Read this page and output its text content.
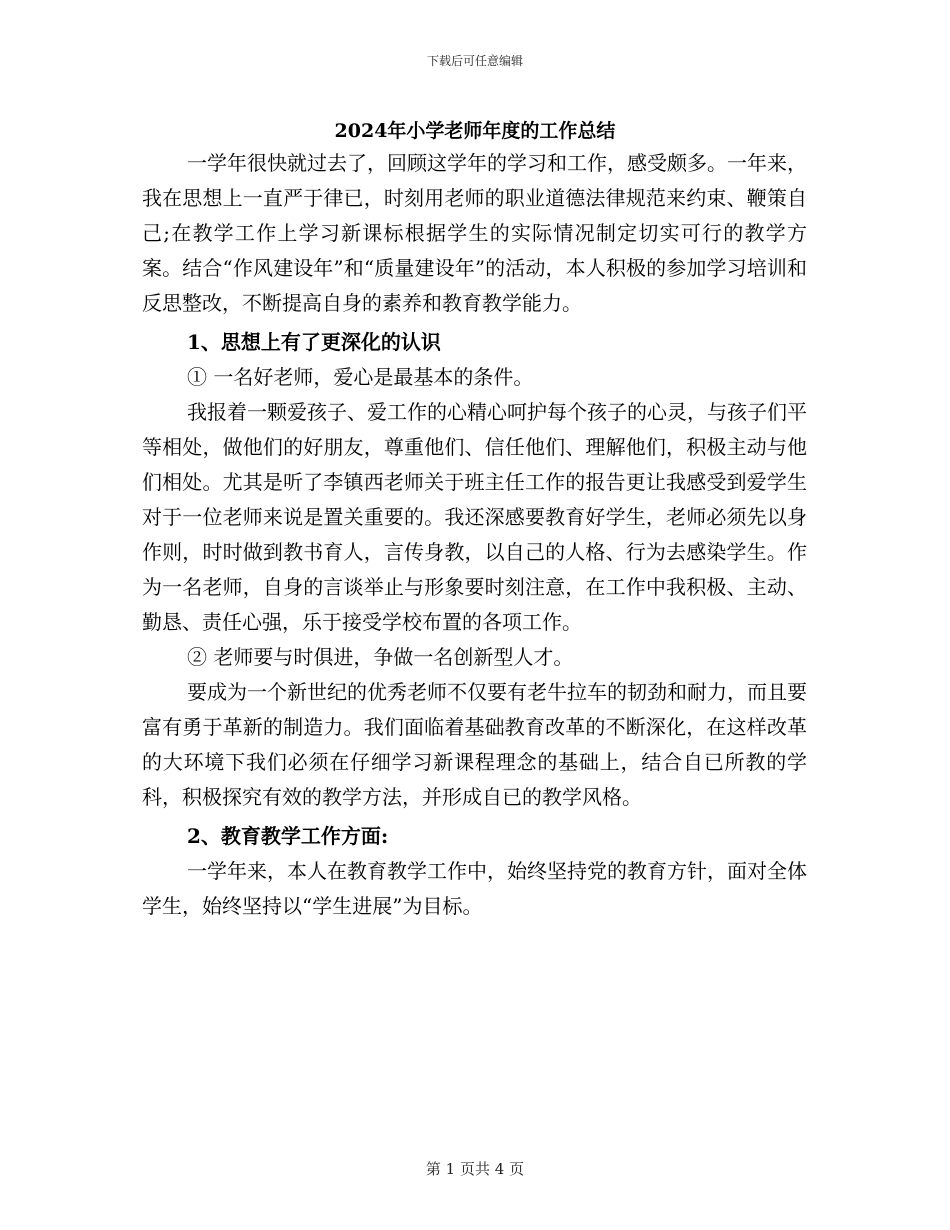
下载后可任意编辑
2024年小学老师年度的工作总结

一学年很快就过去了，回顾这学年的学习和工作，感受颇多。一年来，我在思想上一直严于律已，时刻用老师的职业道德法律规范来约束、鞭策自己;在教学工作上学习新课标根据学生的实际情况制定切实可行的教学方案。结合“作风建设年”和“质量建设年”的活动，本人积极的参加学习培训和反思整改，不断提高自身的素养和教育教学能力。

1、思想上有了更深化的认识

① 一名好老师，爱心是最基本的条件。

我报着一颗爱孩子、爱工作的心精心呵护每个孩子的心灵，与孩子们平等相处，做他们的好朋友，尊重他们、信任他们、理解他们，积极主动与他们相处。尤其是听了李镇西老师关于班主任工作的报告更让我感受到爱学生对于一位老师来说是置关重要的。我还深感要教育好学生，老师必须先以身作则，时时做到教书育人，言传身教，以自己的人格、行为去感染学生。作为一名老师，自身的言谈举止与形象要时刻注意，在工作中我积极、主动、勤恳、责任心强，乐于接受学校布置的各项工作。

② 老师要与时俱进，争做一名创新型人才。

要成为一个新世纪的优秀老师不仅要有老牛拉车的韧劲和耐力，而且要富有勇于革新的制造力。我们面临着基础教育改革的不断深化，在这样改革的大环境下我们必须在仔细学习新课程理念的基础上，结合自已所教的学科，积极探究有效的教学方法，并形成自已的教学风格。

2、教育教学工作方面:

一学年来，本人在教育教学工作中，始终坚持党的教育方针，面对全体学生，始终坚持以“学生进展”为目标。

第 1 页共 4 页
